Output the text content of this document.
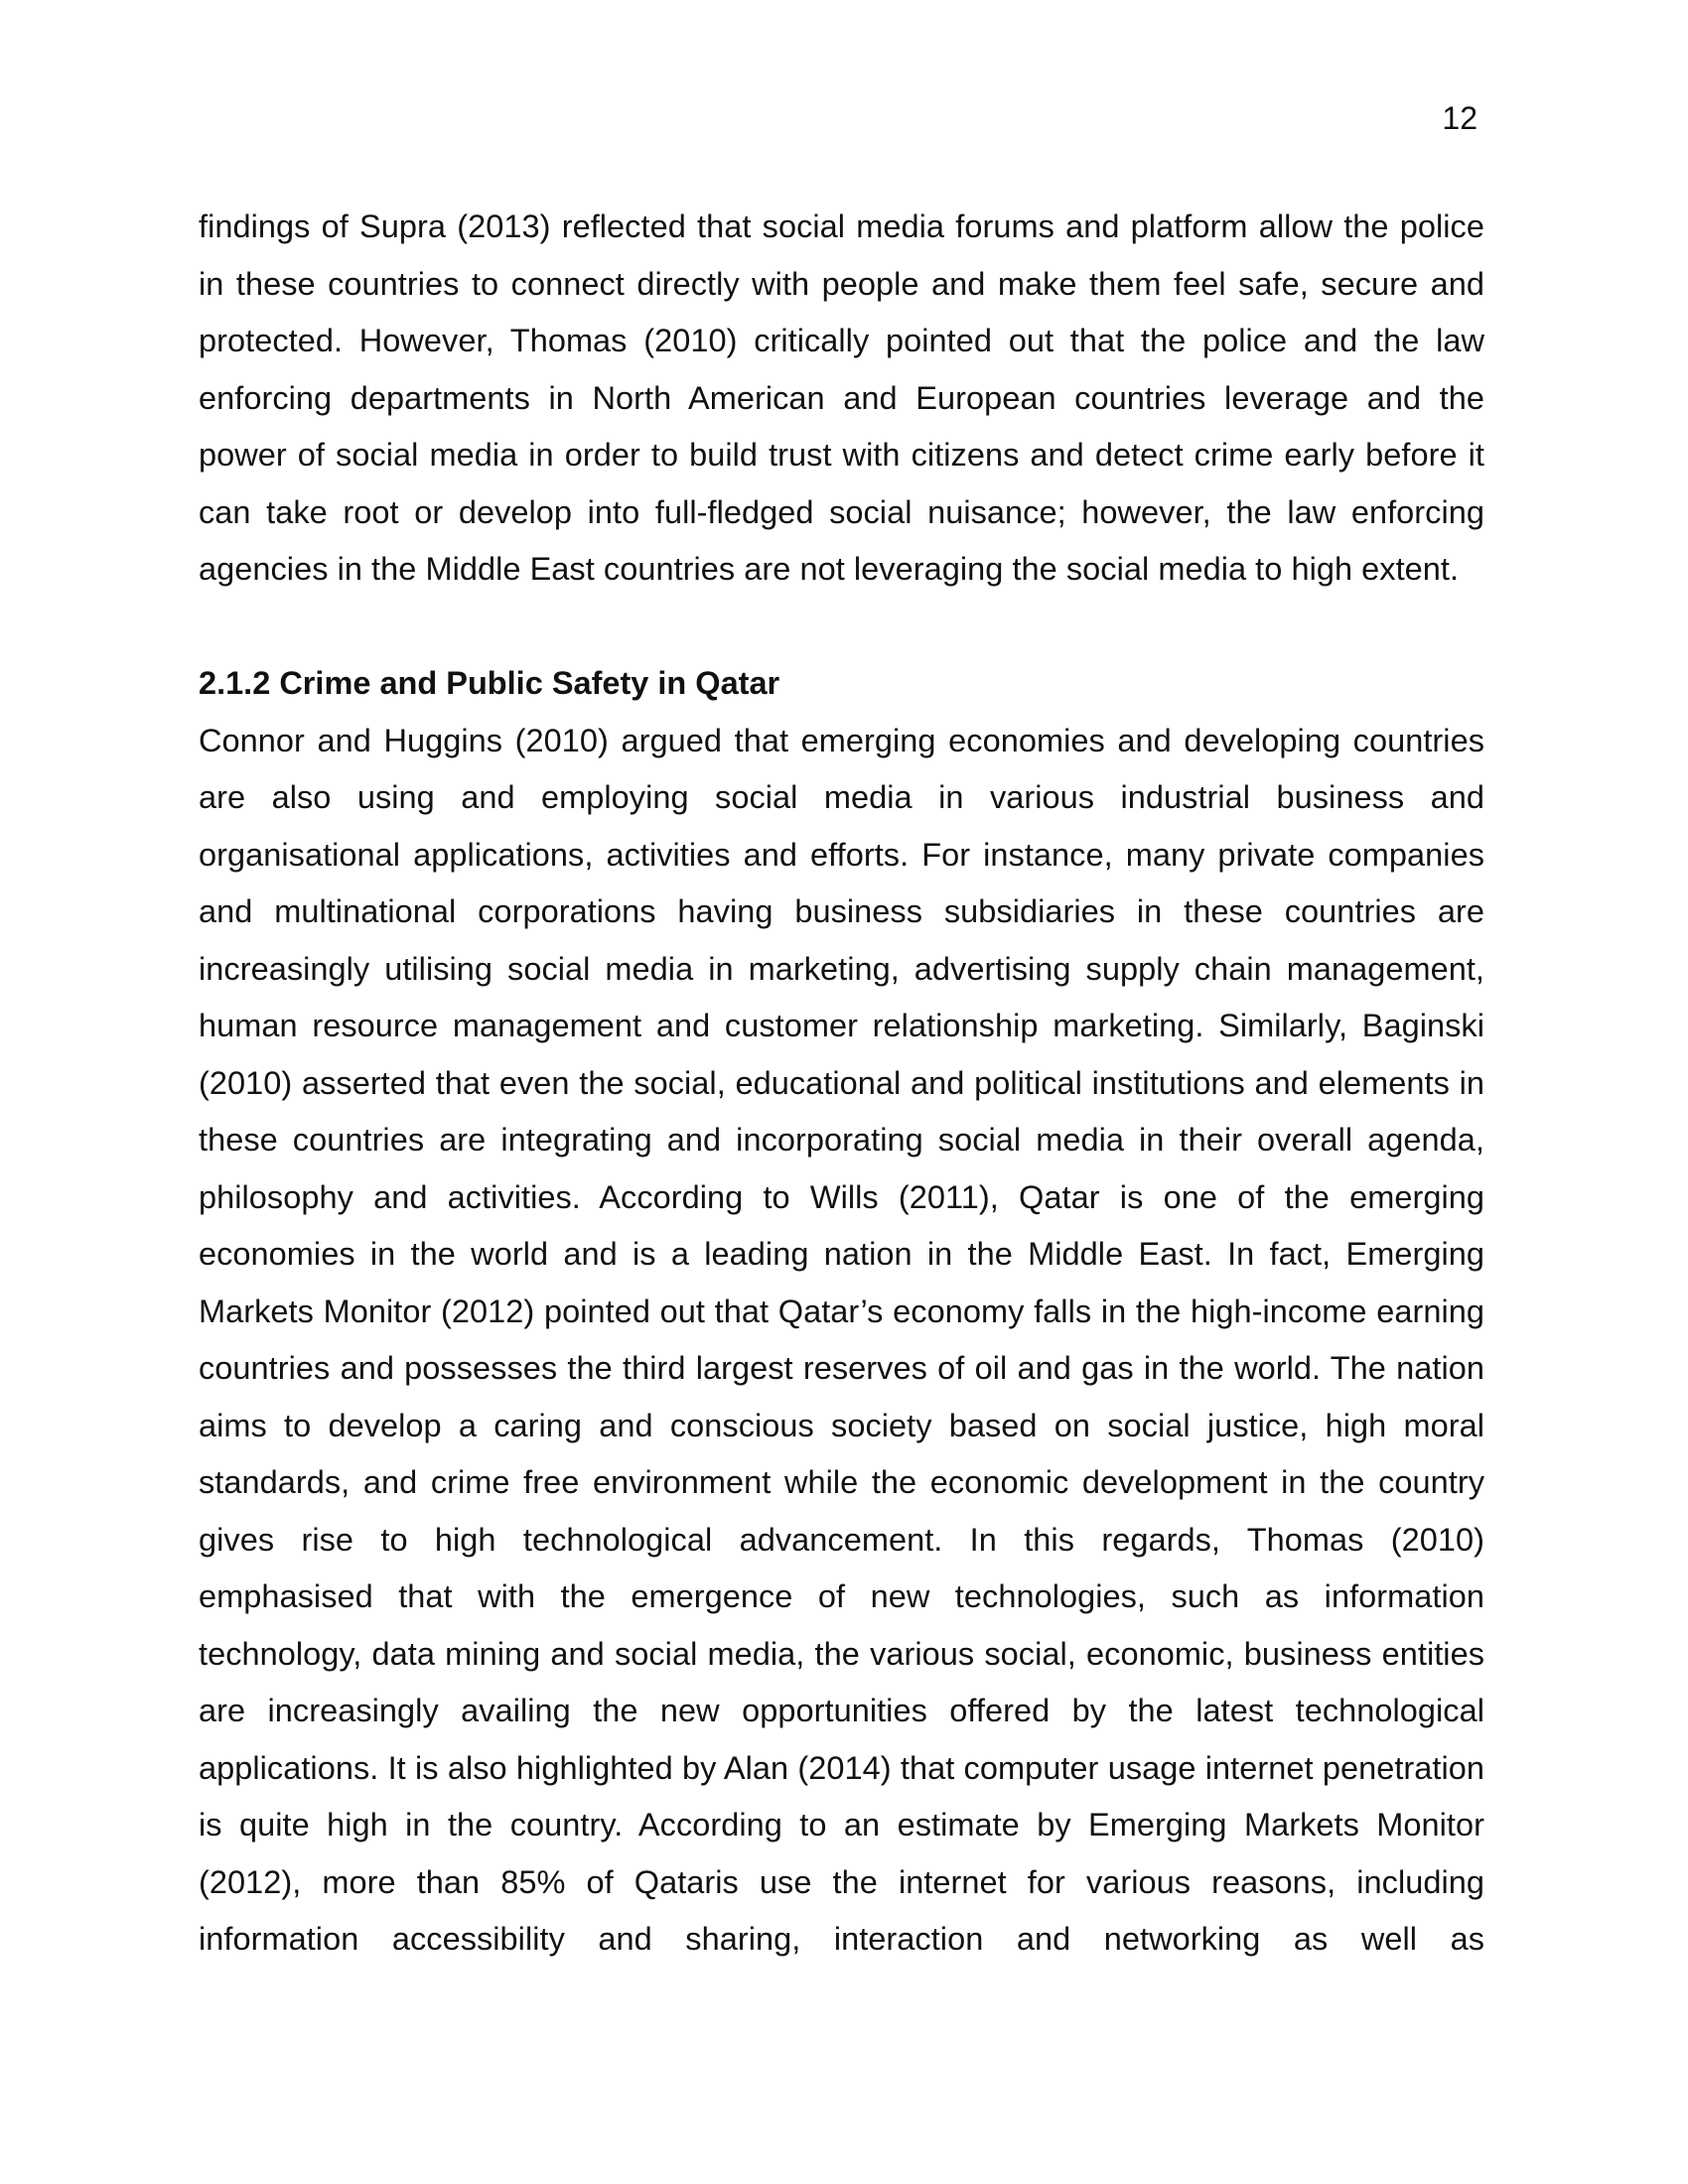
12

findings of Supra (2013) reflected that social media forums and platform allow the police in these countries to connect directly with people and make them feel safe, secure and protected. However, Thomas (2010) critically pointed out that the police and the law enforcing departments in North American and European countries leverage and the power of social media in order to build trust with citizens and detect crime early before it can take root or develop into full-fledged social nuisance; however, the law enforcing agencies in the Middle East countries are not leveraging the social media to high extent.

2.1.2 Crime and Public Safety in Qatar

Connor and Huggins (2010) argued that emerging economies and developing countries are also using and employing social media in various industrial business and organisational applications, activities and efforts. For instance, many private companies and multinational corporations having business subsidiaries in these countries are increasingly utilising social media in marketing, advertising supply chain management, human resource management and customer relationship marketing. Similarly, Baginski (2010) asserted that even the social, educational and political institutions and elements in these countries are integrating and incorporating social media in their overall agenda, philosophy and activities. According to Wills (2011), Qatar is one of the emerging economies in the world and is a leading nation in the Middle East. In fact, Emerging Markets Monitor (2012) pointed out that Qatar’s economy falls in the high-income earning countries and possesses the third largest reserves of oil and gas in the world. The nation aims to develop a caring and conscious society based on social justice, high moral standards, and crime free environment while the economic development in the country gives rise to high technological advancement. In this regards, Thomas (2010) emphasised that with the emergence of new technologies, such as information technology, data mining and social media, the various social, economic, business entities are increasingly availing the new opportunities offered by the latest technological applications. It is also highlighted by Alan (2014) that computer usage internet penetration is quite high in the country. According to an estimate by Emerging Markets Monitor (2012), more than 85% of Qataris use the internet for various reasons, including information accessibility and sharing, interaction and networking as well as
